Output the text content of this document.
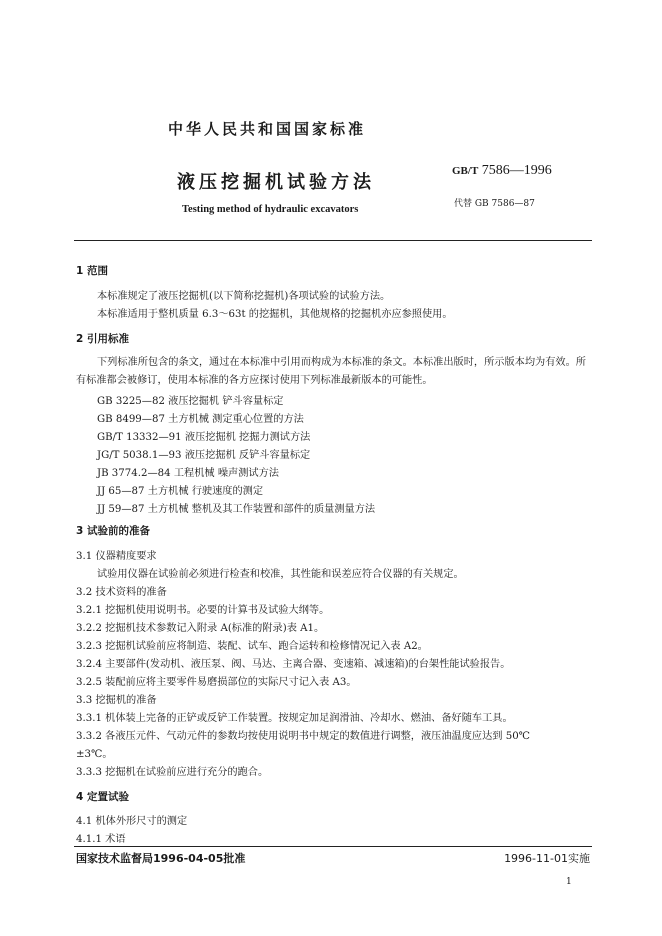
中华人民共和国国家标准
液压挖掘机试验方法
Testing method of hydraulic excavators
GB/T 7586—1996
代替 GB 7586—87
1 范围
本标准规定了液压挖掘机(以下简称挖掘机)各项试验的试验方法。
本标准适用于整机质量 6.3～63t 的挖掘机，其他规格的挖掘机亦应参照使用。
2 引用标准
下列标准所包含的条文，通过在本标准中引用而构成为本标准的条文。本标准出版时，所示版本均为有效。所有标准都会被修订，使用本标准的各方应探讨使用下列标准最新版本的可能性。
GB 3225—82 液压挖掘机 铲斗容量标定
GB 8499—87 土方机械 测定重心位置的方法
GB/T 13332—91 液压挖掘机 挖掘力测试方法
JG/T 5038.1—93 液压挖掘机 反铲斗容量标定
JB 3774.2—84 工程机械 噪声测试方法
JJ 65—87 土方机械 行驶速度的测定
JJ 59—87 土方机械 整机及其工作装置和部件的质量测量方法
3 试验前的准备
3.1 仪器精度要求
试验用仪器在试验前必须进行检查和校准，其性能和误差应符合仪器的有关规定。
3.2 技术资料的准备
3.2.1 挖掘机使用说明书。必要的计算书及试验大纲等。
3.2.2 挖掘机技术参数记入附录 A(标准的附录)表 A1。
3.2.3 挖掘机试验前应将制造、装配、试车、跑合运转和检修情况记入表 A2。
3.2.4 主要部件(发动机、液压泵、阀、马达、主离合器、变速箱、减速箱)的台架性能试验报告。
3.2.5 装配前应将主要零件易磨损部位的实际尺寸记入表 A3。
3.3 挖掘机的准备
3.3.1 机体装上完备的正铲或反铲工作装置。按规定加足润滑油、冷却水、燃油、备好随车工具。
3.3.2 各液压元件、气动元件的参数均按使用说明书中规定的数值进行调整，液压油温度应达到 50℃
±3℃。
3.3.3 挖掘机在试验前应进行充分的跑合。
4 定置试验
4.1 机体外形尺寸的测定
4.1.1 术语
国家技术监督局1996-04-05批准	1996-11-01实施
1
